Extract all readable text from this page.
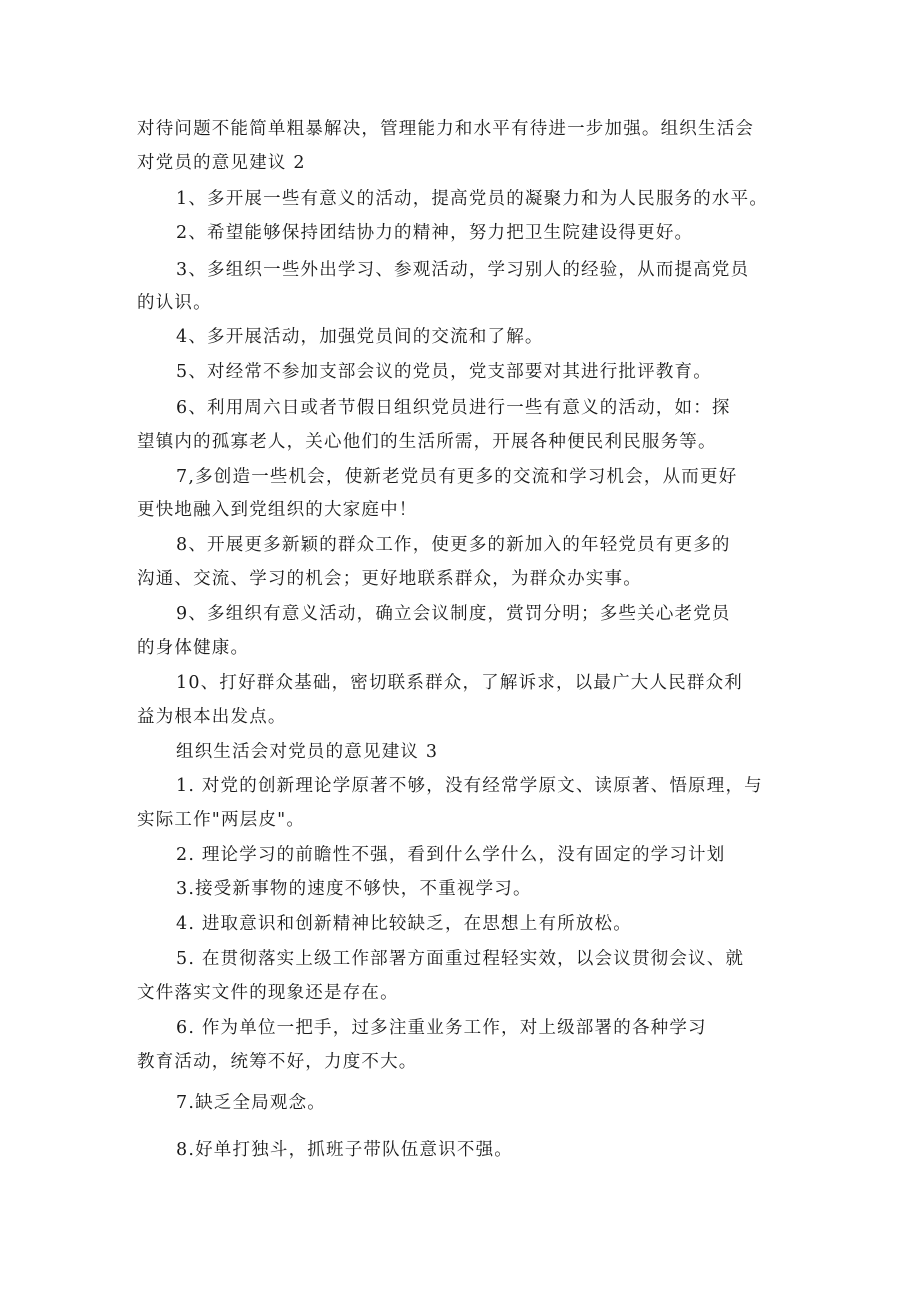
对待问题不能简单粗暴解决，管理能力和水平有待进一步加强。组织生活会
对党员的意见建议 2
1、多开展一些有意义的活动，提高党员的凝聚力和为人民服务的水平。
2、希望能够保持团结协力的精神，努力把卫生院建设得更好。
3、多组织一些外出学习、参观活动，学习别人的经验，从而提高党员
的认识。
4、多开展活动，加强党员间的交流和了解。
5、对经常不参加支部会议的党员，党支部要对其进行批评教育。
6、利用周六日或者节假日组织党员进行一些有意义的活动，如：探
望镇内的孤寡老人，关心他们的生活所需，开展各种便民利民服务等。
7,多创造一些机会，使新老党员有更多的交流和学习机会，从而更好
更快地融入到党组织的大家庭中！
8、开展更多新颖的群众工作，使更多的新加入的年轻党员有更多的
沟通、交流、学习的机会；更好地联系群众，为群众办实事。
9、多组织有意义活动，确立会议制度，赏罚分明；多些关心老党员
的身体健康。
10、打好群众基础，密切联系群众，了解诉求，以最广大人民群众利
益为根本出发点。
组织生活会对党员的意见建议 3
1. 对党的创新理论学原著不够，没有经常学原文、读原著、悟原理，与
实际工作"两层皮"。
2. 理论学习的前瞻性不强，看到什么学什么，没有固定的学习计划
3.接受新事物的速度不够快，不重视学习。
4. 进取意识和创新精神比较缺乏，在思想上有所放松。
5. 在贯彻落实上级工作部署方面重过程轻实效，以会议贯彻会议、就
文件落实文件的现象还是存在。
6. 作为单位一把手，过多注重业务工作，对上级部署的各种学习
教育活动，统筹不好，力度不大。
7.缺乏全局观念。
8.好单打独斗，抓班子带队伍意识不强。
